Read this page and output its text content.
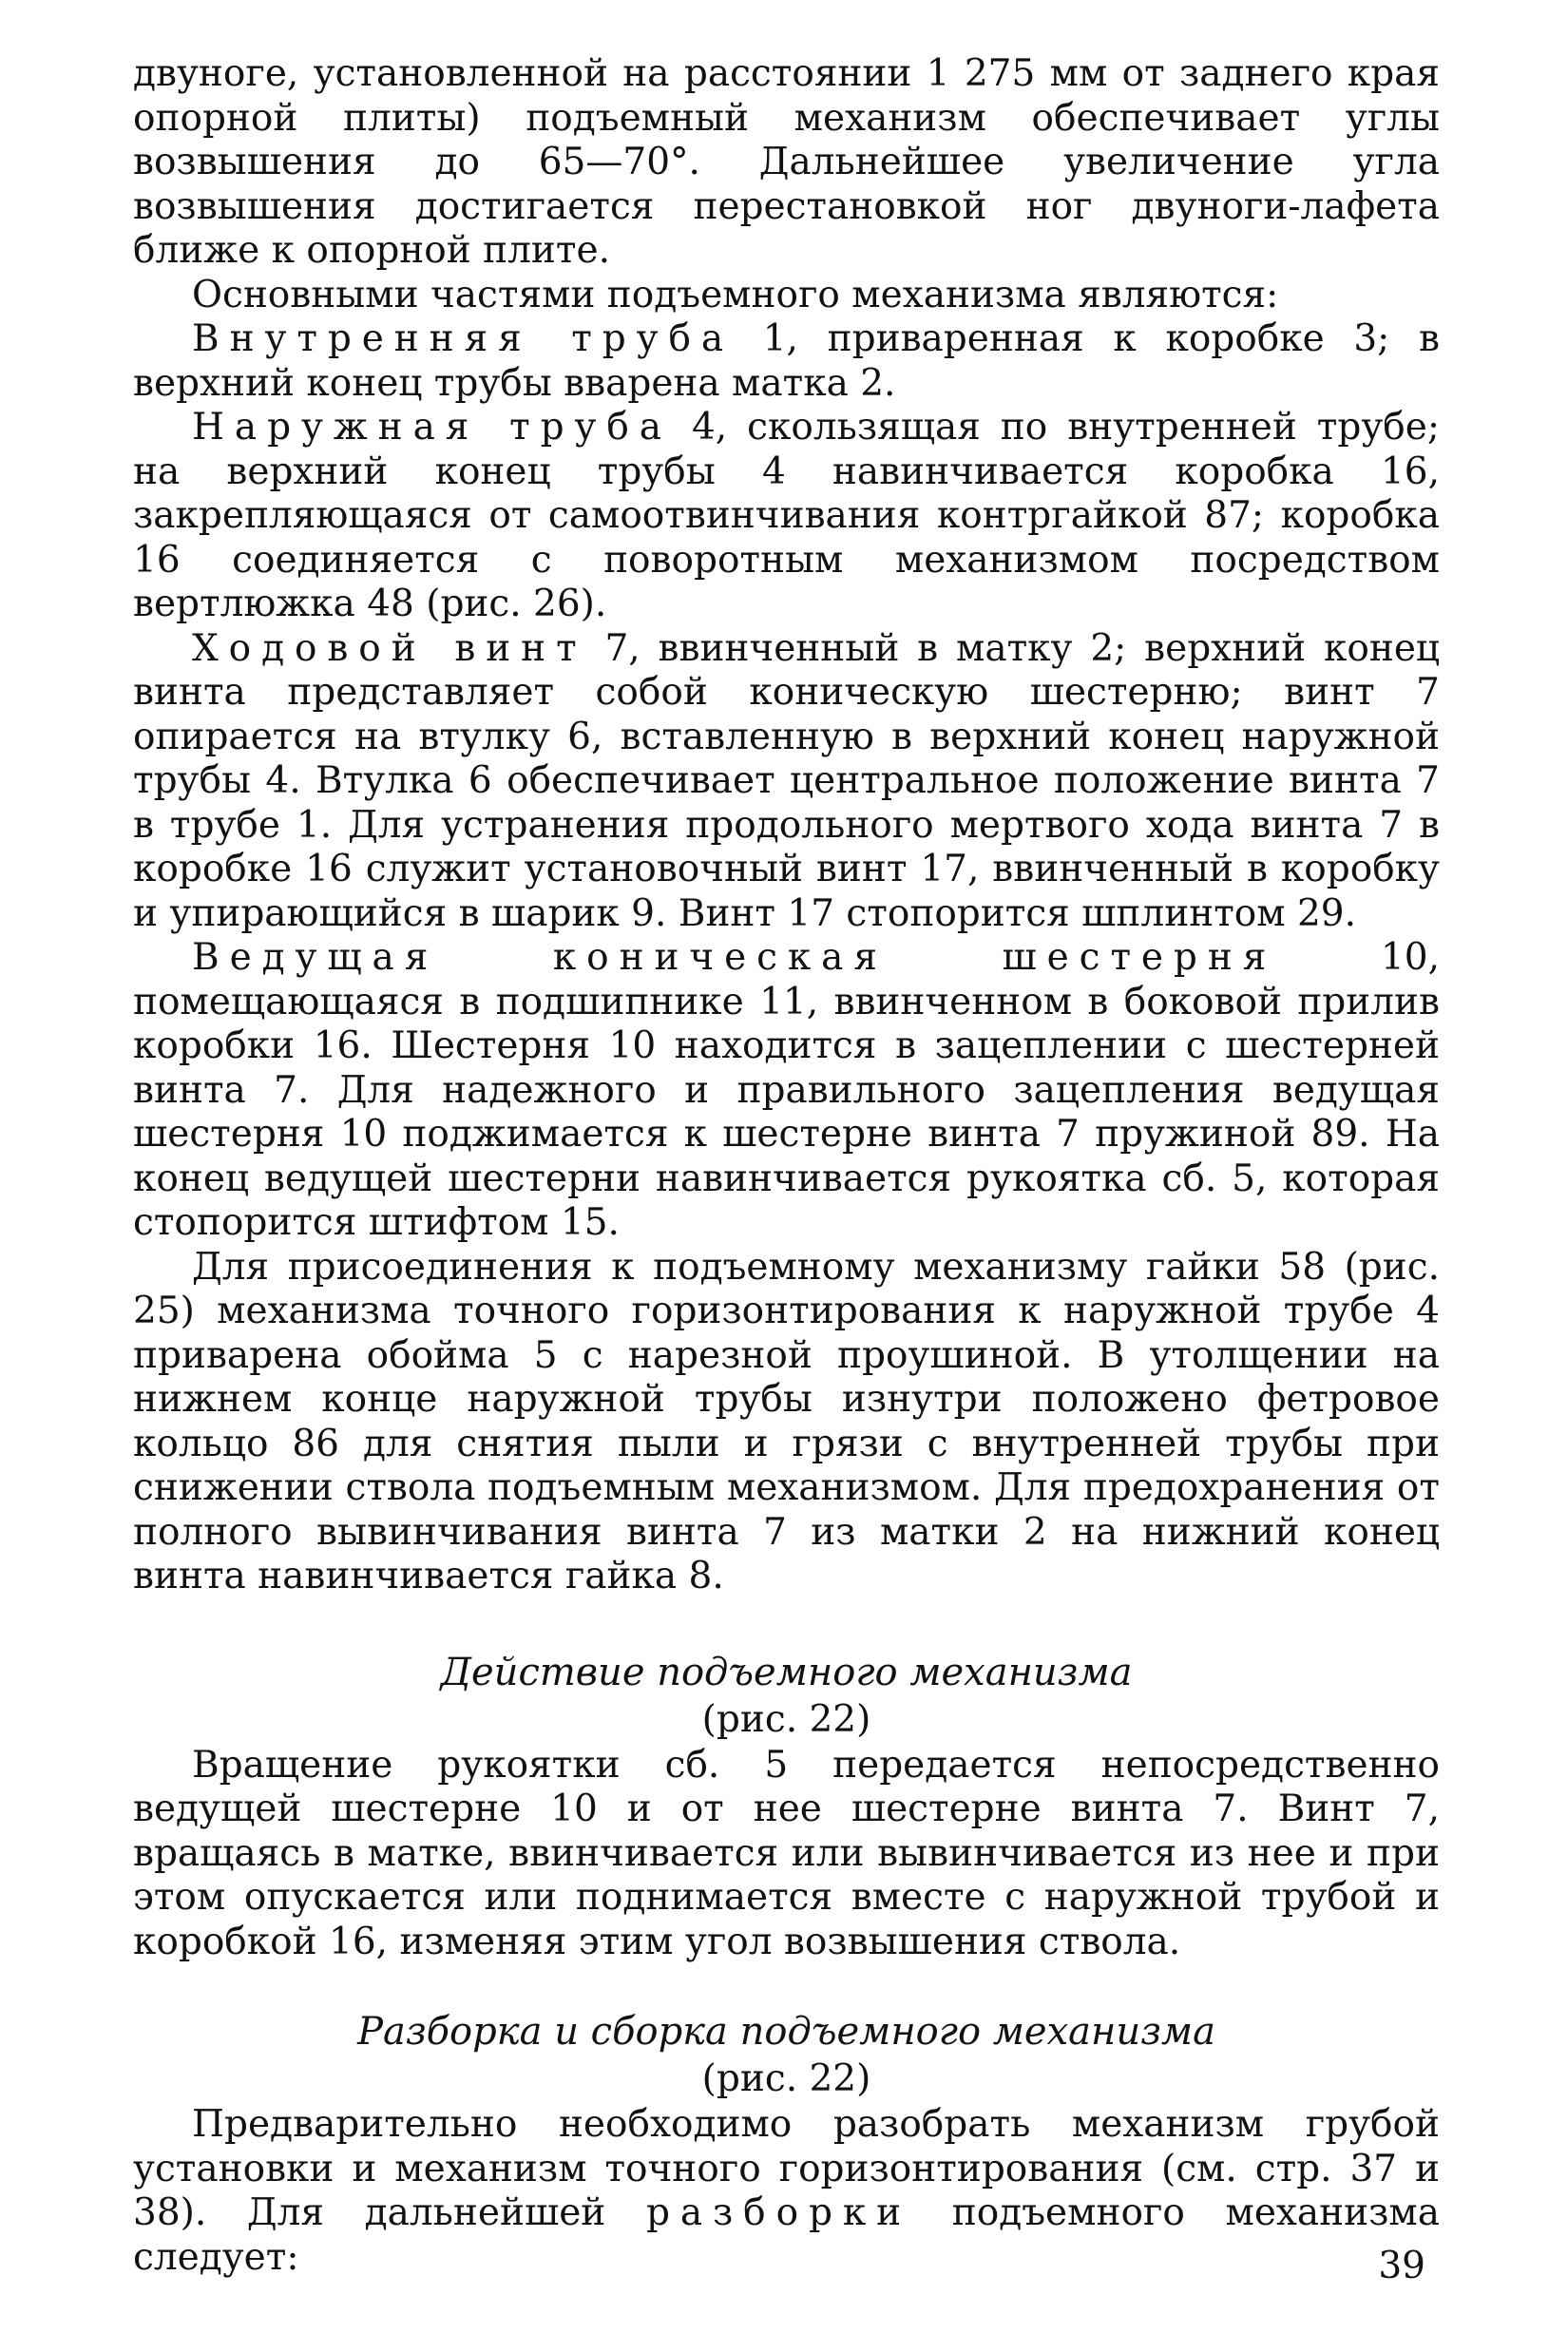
двуноге, установленной на расстоянии 1 275 мм от заднего края опорной плиты) подъемный механизм обеспечивает углы возвышения до 65—70°. Дальнейшее увеличение угла возвышения достигается перестановкой ног двуноги-лафета ближе к опорной плите.

Основными частями подъемного механизма являются:

Внутренняя труба 1, приваренная к коробке 3; в верхний конец трубы вварена матка 2.

Наружная труба 4, скользящая по внутренней трубе; на верхний конец трубы 4 навинчивается коробка 16, закрепляющаяся от самоотвинчивания контргайкой 87; коробка 16 соединяется с поворотным механизмом посредством вертлюжка 48 (рис. 26).

Ходовой винт 7, ввинченный в матку 2; верхний конец винта представляет собой коническую шестерню; винт 7 опирается на втулку 6, вставленную в верхний конец наружной трубы 4. Втулка 6 обеспечивает центральное положение винта 7 в трубе 1. Для устранения продольного мертвого хода винта 7 в коробке 16 служит установочный винт 17, ввинченный в коробку и упирающийся в шарик 9. Винт 17 стопорится шплинтом 29.

Ведущая коническая шестерня 10, помещающаяся в подшипнике 11, ввинченном в боковой прилив коробки 16. Шестерня 10 находится в зацеплении с шестерней винта 7. Для надежного и правильного зацепления ведущая шестерня 10 поджимается к шестерне винта 7 пружиной 89. На конец ведущей шестерни навинчивается рукоятка сб. 5, которая стопорится штифтом 15.

Для присоединения к подъемному механизму гайки 58 (рис. 25) механизма точного горизонтирования к наружной трубе 4 приварена обойма 5 с нарезной проушиной. В утолщении на нижнем конце наружной трубы изнутри положено фетровое кольцо 86 для снятия пыли и грязи с внутренней трубы при снижении ствола подъемным механизмом. Для предохранения от полного вывинчивания винта 7 из матки 2 на нижний конец винта навинчивается гайка 8.

Действие подъемного механизма

(рис. 22)

Вращение рукоятки сб. 5 передается непосредственно ведущей шестерне 10 и от нее шестерне винта 7. Винт 7, вращаясь в матке, ввинчивается или вывинчивается из нее и при этом опускается или поднимается вместе с наружной трубой и коробкой 16, изменяя этим угол возвышения ствола.

Разборка и сборка подъемного механизма

(рис. 22)

Предварительно необходимо разобрать механизм грубой установки и механизм точного горизонтирования (см. стр. 37 и 38). Для дальнейшей разборки подъемного механизма следует:	39
